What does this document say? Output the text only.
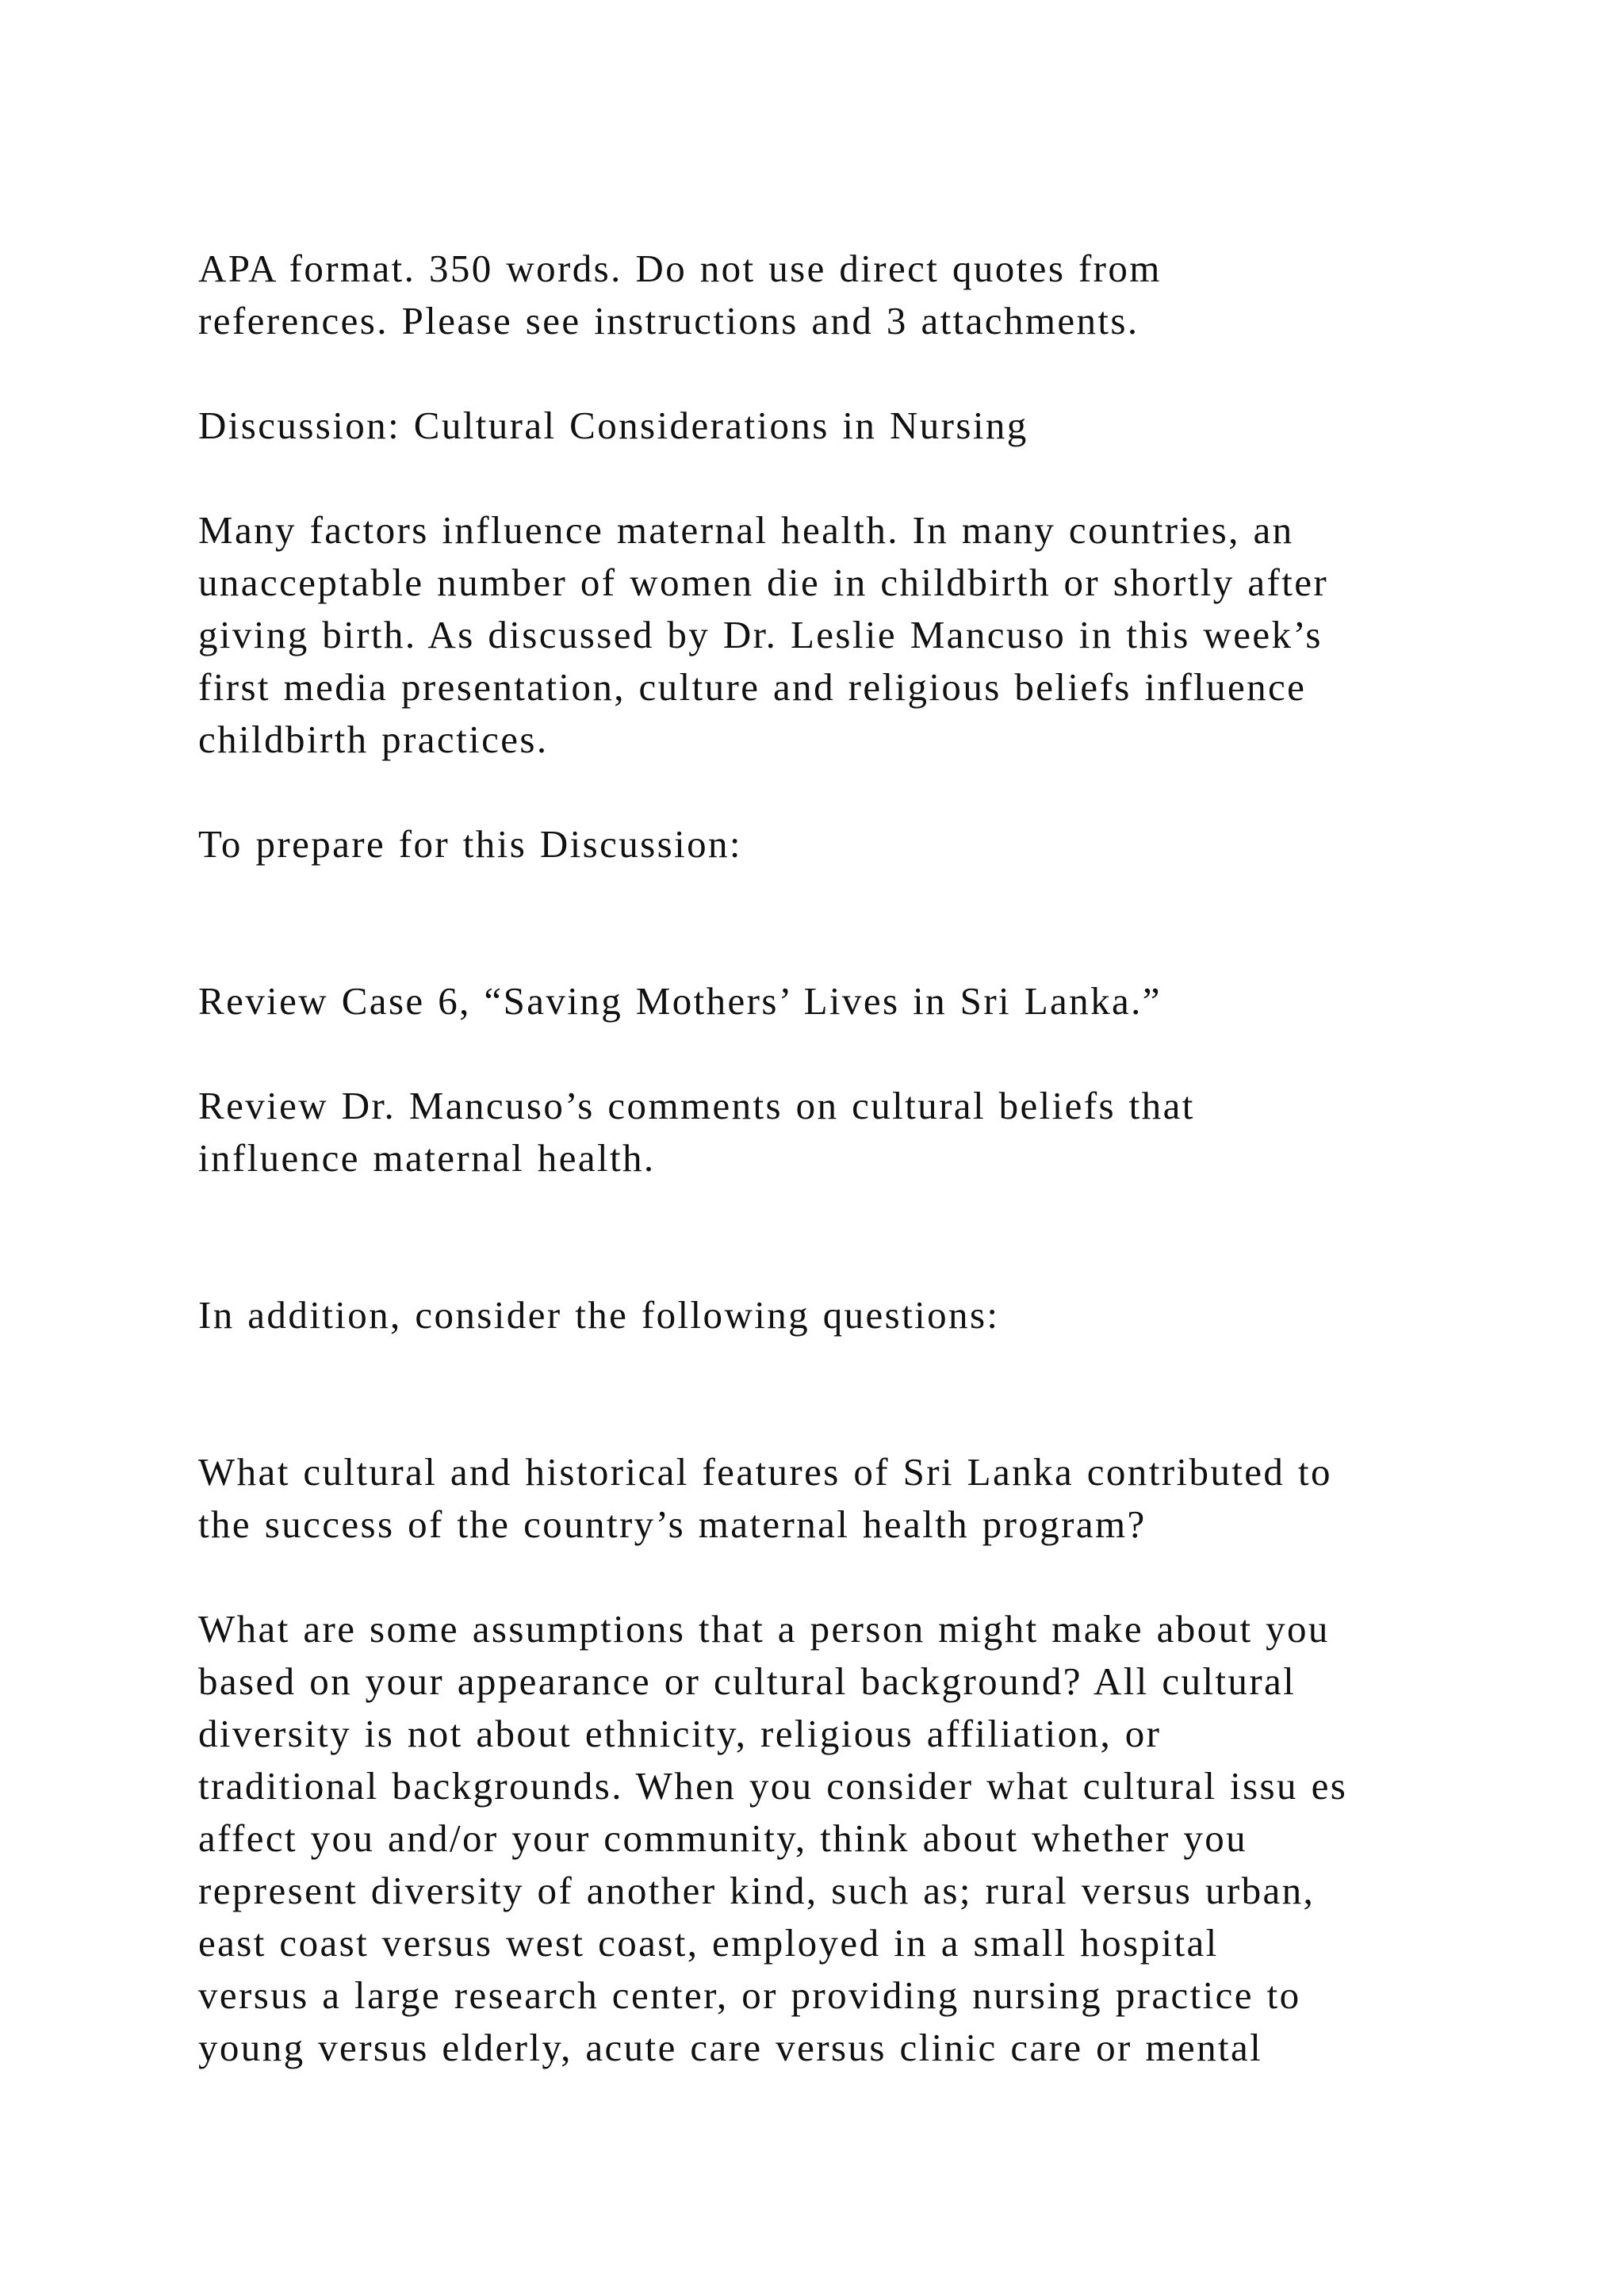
APA format. 350 words. Do not use direct quotes from
references. Please see instructions and 3 attachments.
Discussion: Cultural Considerations in Nursing
Many factors influence maternal health. In many countries, an
unacceptable number of women die in childbirth or shortly after
giving birth. As discussed by Dr. Leslie Mancuso in this week’s
first media presentation, culture and religious beliefs influence
childbirth practices.
To prepare for this Discussion:
Review Case 6, “Saving Mothers’ Lives in Sri Lanka.”
Review Dr. Mancuso’s comments on cultural beliefs that
influence maternal health.
In addition, consider the following questions:
What cultural and historical features of Sri Lanka contributed to
the success of the country’s maternal health program?
What are some assumptions that a person might make about you
based on your appearance or cultural background? All cultural
diversity is not about ethnicity, religious affiliation, or
traditional backgrounds. When you consider what cultural issu es
affect you and/or your community, think about whether you
represent diversity of another kind, such as; rural versus urban,
east coast versus west coast, employed in a small hospital
versus a large research center, or providing nursing practice to
young versus elderly, acute care versus clinic care or mental
